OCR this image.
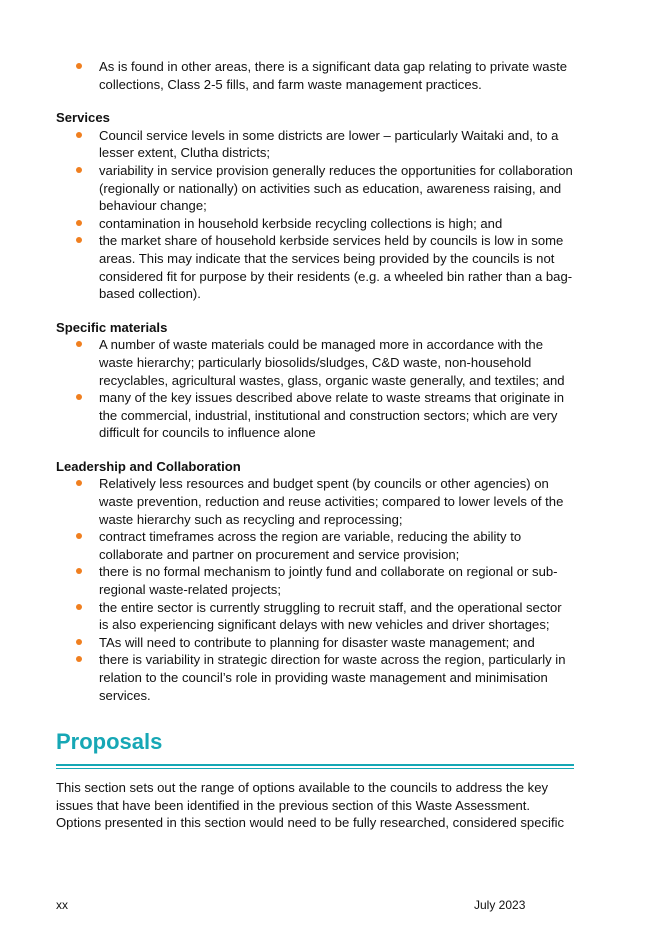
As is found in other areas, there is a significant data gap relating to private waste collections, Class 2-5 fills, and farm waste management practices.
Services
Council service levels in some districts are lower – particularly Waitaki and, to a lesser extent, Clutha districts;
variability in service provision generally reduces the opportunities for collaboration (regionally or nationally) on activities such as education, awareness raising, and behaviour change;
contamination in household kerbside recycling collections is high; and
the market share of household kerbside services held by councils is low in some areas. This may indicate that the services being provided by the councils is not considered fit for purpose by their residents (e.g. a wheeled bin rather than a bag-based collection).
Specific materials
A number of waste materials could be managed more in accordance with the waste hierarchy; particularly biosolids/sludges, C&D waste, non-household recyclables, agricultural wastes, glass, organic waste generally, and textiles; and
many of the key issues described above relate to waste streams that originate in the commercial, industrial, institutional and construction sectors; which are very difficult for councils to influence alone
Leadership and Collaboration
Relatively less resources and budget spent (by councils or other agencies) on waste prevention, reduction and reuse activities; compared to lower levels of the waste hierarchy such as recycling and reprocessing;
contract timeframes across the region are variable, reducing the ability to collaborate and partner on procurement and service provision;
there is no formal mechanism to jointly fund and collaborate on regional or sub-regional waste-related projects;
the entire sector is currently struggling to recruit staff, and the operational sector is also experiencing significant delays with new vehicles and driver shortages;
TAs will need to contribute to planning for disaster waste management; and
there is variability in strategic direction for waste across the region, particularly in relation to the council’s role in providing waste management and minimisation services.
Proposals
This section sets out the range of options available to the councils to address the key issues that have been identified in the previous section of this Waste Assessment. Options presented in this section would need to be fully researched, considered specific
xx	July 2023
